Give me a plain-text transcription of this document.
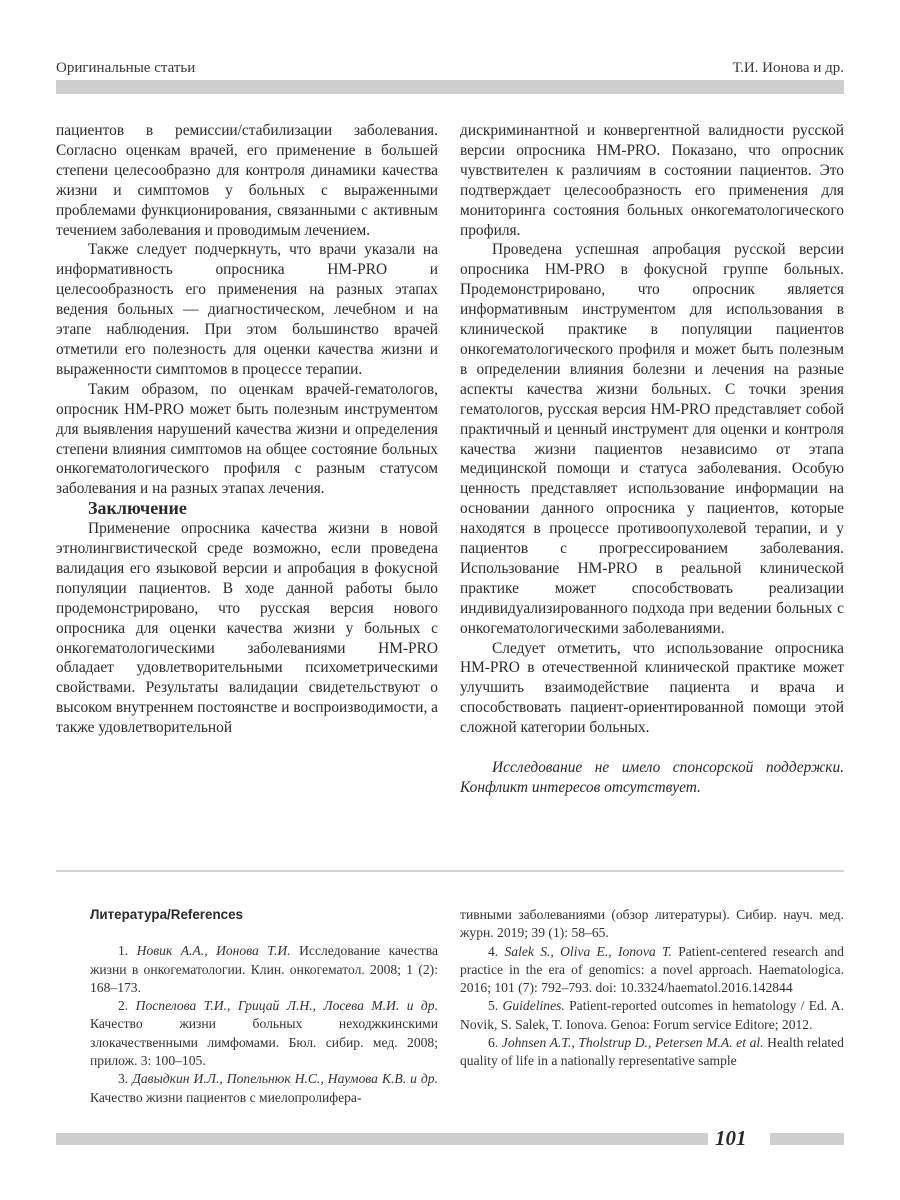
Оригинальные статьи	Т.И. Ионова и др.

пациентов в ремиссии/стабилизации заболевания. Согласно оценкам врачей, его применение в большей степени целесообразно для контроля динамики качества жизни и симптомов у больных с выраженными проблемами функционирования, связанными с активным течением заболевания и проводимым лечением.

Также следует подчеркнуть, что врачи указали на информативность опросника HM-PRO и целесообразность его применения на разных этапах ведения больных — диагностическом, лечебном и на этапе наблюдения. При этом большинство врачей отметили его полезность для оценки качества жизни и выраженности симптомов в процессе терапии.

Таким образом, по оценкам врачей-гематологов, опросник HM-PRO может быть полезным инструментом для выявления нарушений качества жизни и определения степени влияния симптомов на общее состояние больных онкогематологического профиля с разным статусом заболевания и на разных этапах лечения.

Заключение

Применение опросника качества жизни в новой этнолингвистической среде возможно, если проведена валидация его языковой версии и апробация в фокусной популяции пациентов. В ходе данной работы было продемонстрировано, что русская версия нового опросника для оценки качества жизни у больных с онкогематологическими заболеваниями HM-PRO обладает удовлетворительными психометрическими свойствами. Результаты валидации свидетельствуют о высоком внутреннем постоянстве и воспроизводимости, а также удовлетворительной

дискриминантной и конвергентной валидности русской версии опросника HM-PRO. Показано, что опросник чувствителен к различиям в состоянии пациентов. Это подтверждает целесообразность его применения для мониторинга состояния больных онкогематологического профиля.

Проведена успешная апробация русской версии опросника HM-PRO в фокусной группе больных. Продемонстрировано, что опросник является информативным инструментом для использования в клинической практике в популяции пациентов онкогематологического профиля и может быть полезным в определении влияния болезни и лечения на разные аспекты качества жизни больных. С точки зрения гематологов, русская версия HM-PRO представляет собой практичный и ценный инструмент для оценки и контроля качества жизни пациентов независимо от этапа медицинской помощи и статуса заболевания. Особую ценность представляет использование информации на основании данного опросника у пациентов, которые находятся в процессе противоопухолевой терапии, и у пациентов с прогрессированием заболевания. Использование HM-PRO в реальной клинической практике может способствовать реализации индивидуализированного подхода при ведении больных с онкогематологическими заболеваниями.

Следует отметить, что использование опросника HM-PRO в отечественной клинической практике может улучшить взаимодействие пациента и врача и способствовать пациент-ориентированной помощи этой сложной категории больных.

Исследование не имело спонсорской поддержки. Конфликт интересов отсутствует.

Литература/References

1. Новик А.А., Ионова Т.И. Исследование качества жизни в онкогематологии. Клин. онкогематол. 2008; 1 (2): 168–173.

2. Поспелова Т.И., Грицай Л.Н., Лосева М.И. и др. Качество жизни больных неходжкинскими злокачественными лимфомами. Бюл. сибир. мед. 2008; прилож. 3: 100–105.

3. Давыдкин И.Л., Попельнюк Н.С., Наумова К.В. и др. Качество жизни пациентов с миелопролифера-

тивными заболеваниями (обзор литературы). Сибир. науч. мед. журн. 2019; 39 (1): 58–65.

4. Salek S., Oliva E., Ionova T. Patient-centered research and practice in the era of genomics: a novel approach. Haematologica. 2016; 101 (7): 792–793. doi: 10.3324/haematol.2016.142844

5. Guidelines. Patient-reported outcomes in hematology / Ed. A. Novik, S. Salek, T. Ionova. Genoa: Forum service Editore; 2012.

6. Johnsen A.T., Tholstrup D., Petersen M.A. et al. Health related quality of life in a nationally representative sample

101
